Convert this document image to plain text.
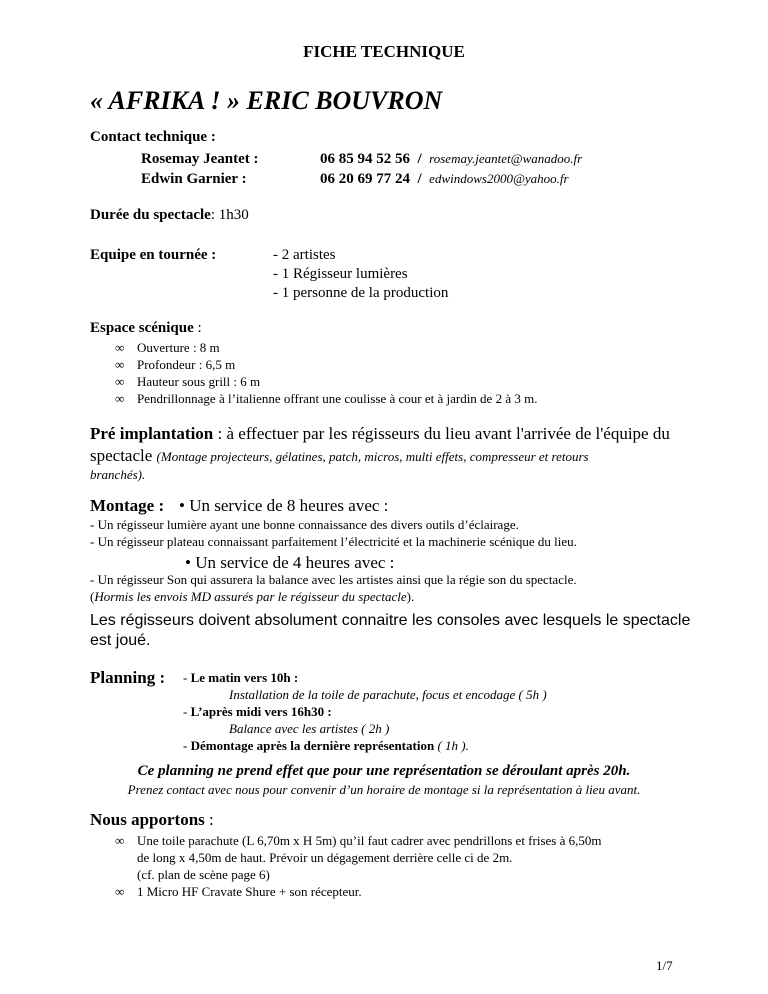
FICHE TECHNIQUE
« AFRIKA ! » ERIC BOUVRON
Contact technique :
Rosemay Jeantet :	06 85 94 52 56 / rosemay.jeantet@wanadoo.fr
Edwin Garnier :	06 20 69 77 24 / edwindows2000@yahoo.fr
Durée du spectacle: 1h30
Equipe en tournée :	- 2 artistes
- 1 Régisseur lumières
- 1 personne de la production
Espace scénique :
∞ Ouverture : 8 m
∞ Profondeur : 6,5 m
∞ Hauteur sous grill : 6 m
∞ Pendrillonnage à l’italienne offrant une coulisse à cour et à jardin de 2 à 3 m.
Pré implantation : à effectuer par les régisseurs du lieu avant l'arrivée de l'équipe du
spectacle (Montage projecteurs, gélatines, patch, micros, multi effets, compresseur et retours
branchés).
Montage : • Un service de 8 heures avec :
- Un régisseur lumière ayant une bonne connaissance des divers outils d’éclairage.
- Un régisseur plateau connaissant parfaitement l’électricité et la machinerie scénique du lieu.
• Un service de 4 heures avec :
- Un régisseur Son qui assurera la balance avec les artistes ainsi que la régie son du spectacle.
(Hormis les envois MD assurés par le régisseur du spectacle).
Les régisseurs doivent absolument connaitre les consoles avec lesquels le spectacle
est joué.
Planning : - Le matin vers 10h :
Installation de la toile de parachute, focus et encodage ( 5h )
- L’après midi vers 16h30 :
Balance avec les artistes ( 2h )
- Démontage après la dernière représentation ( 1h ).
Ce planning ne prend effet que pour une représentation se déroulant après 20h.
Prenez contact avec nous pour convenir d’un horaire de montage si la représentation à lieu avant.
Nous apportons :
∞ Une toile parachute (L 6,70m x H 5m) qu’il faut cadrer avec pendrillons et frises à 6,50m
de long x 4,50m de haut. Prévoir un dégagement derrière celle ci de 2m.
(cf. plan de scène page 6)
∞ 1 Micro HF Cravate Shure + son récepteur.
1/7
